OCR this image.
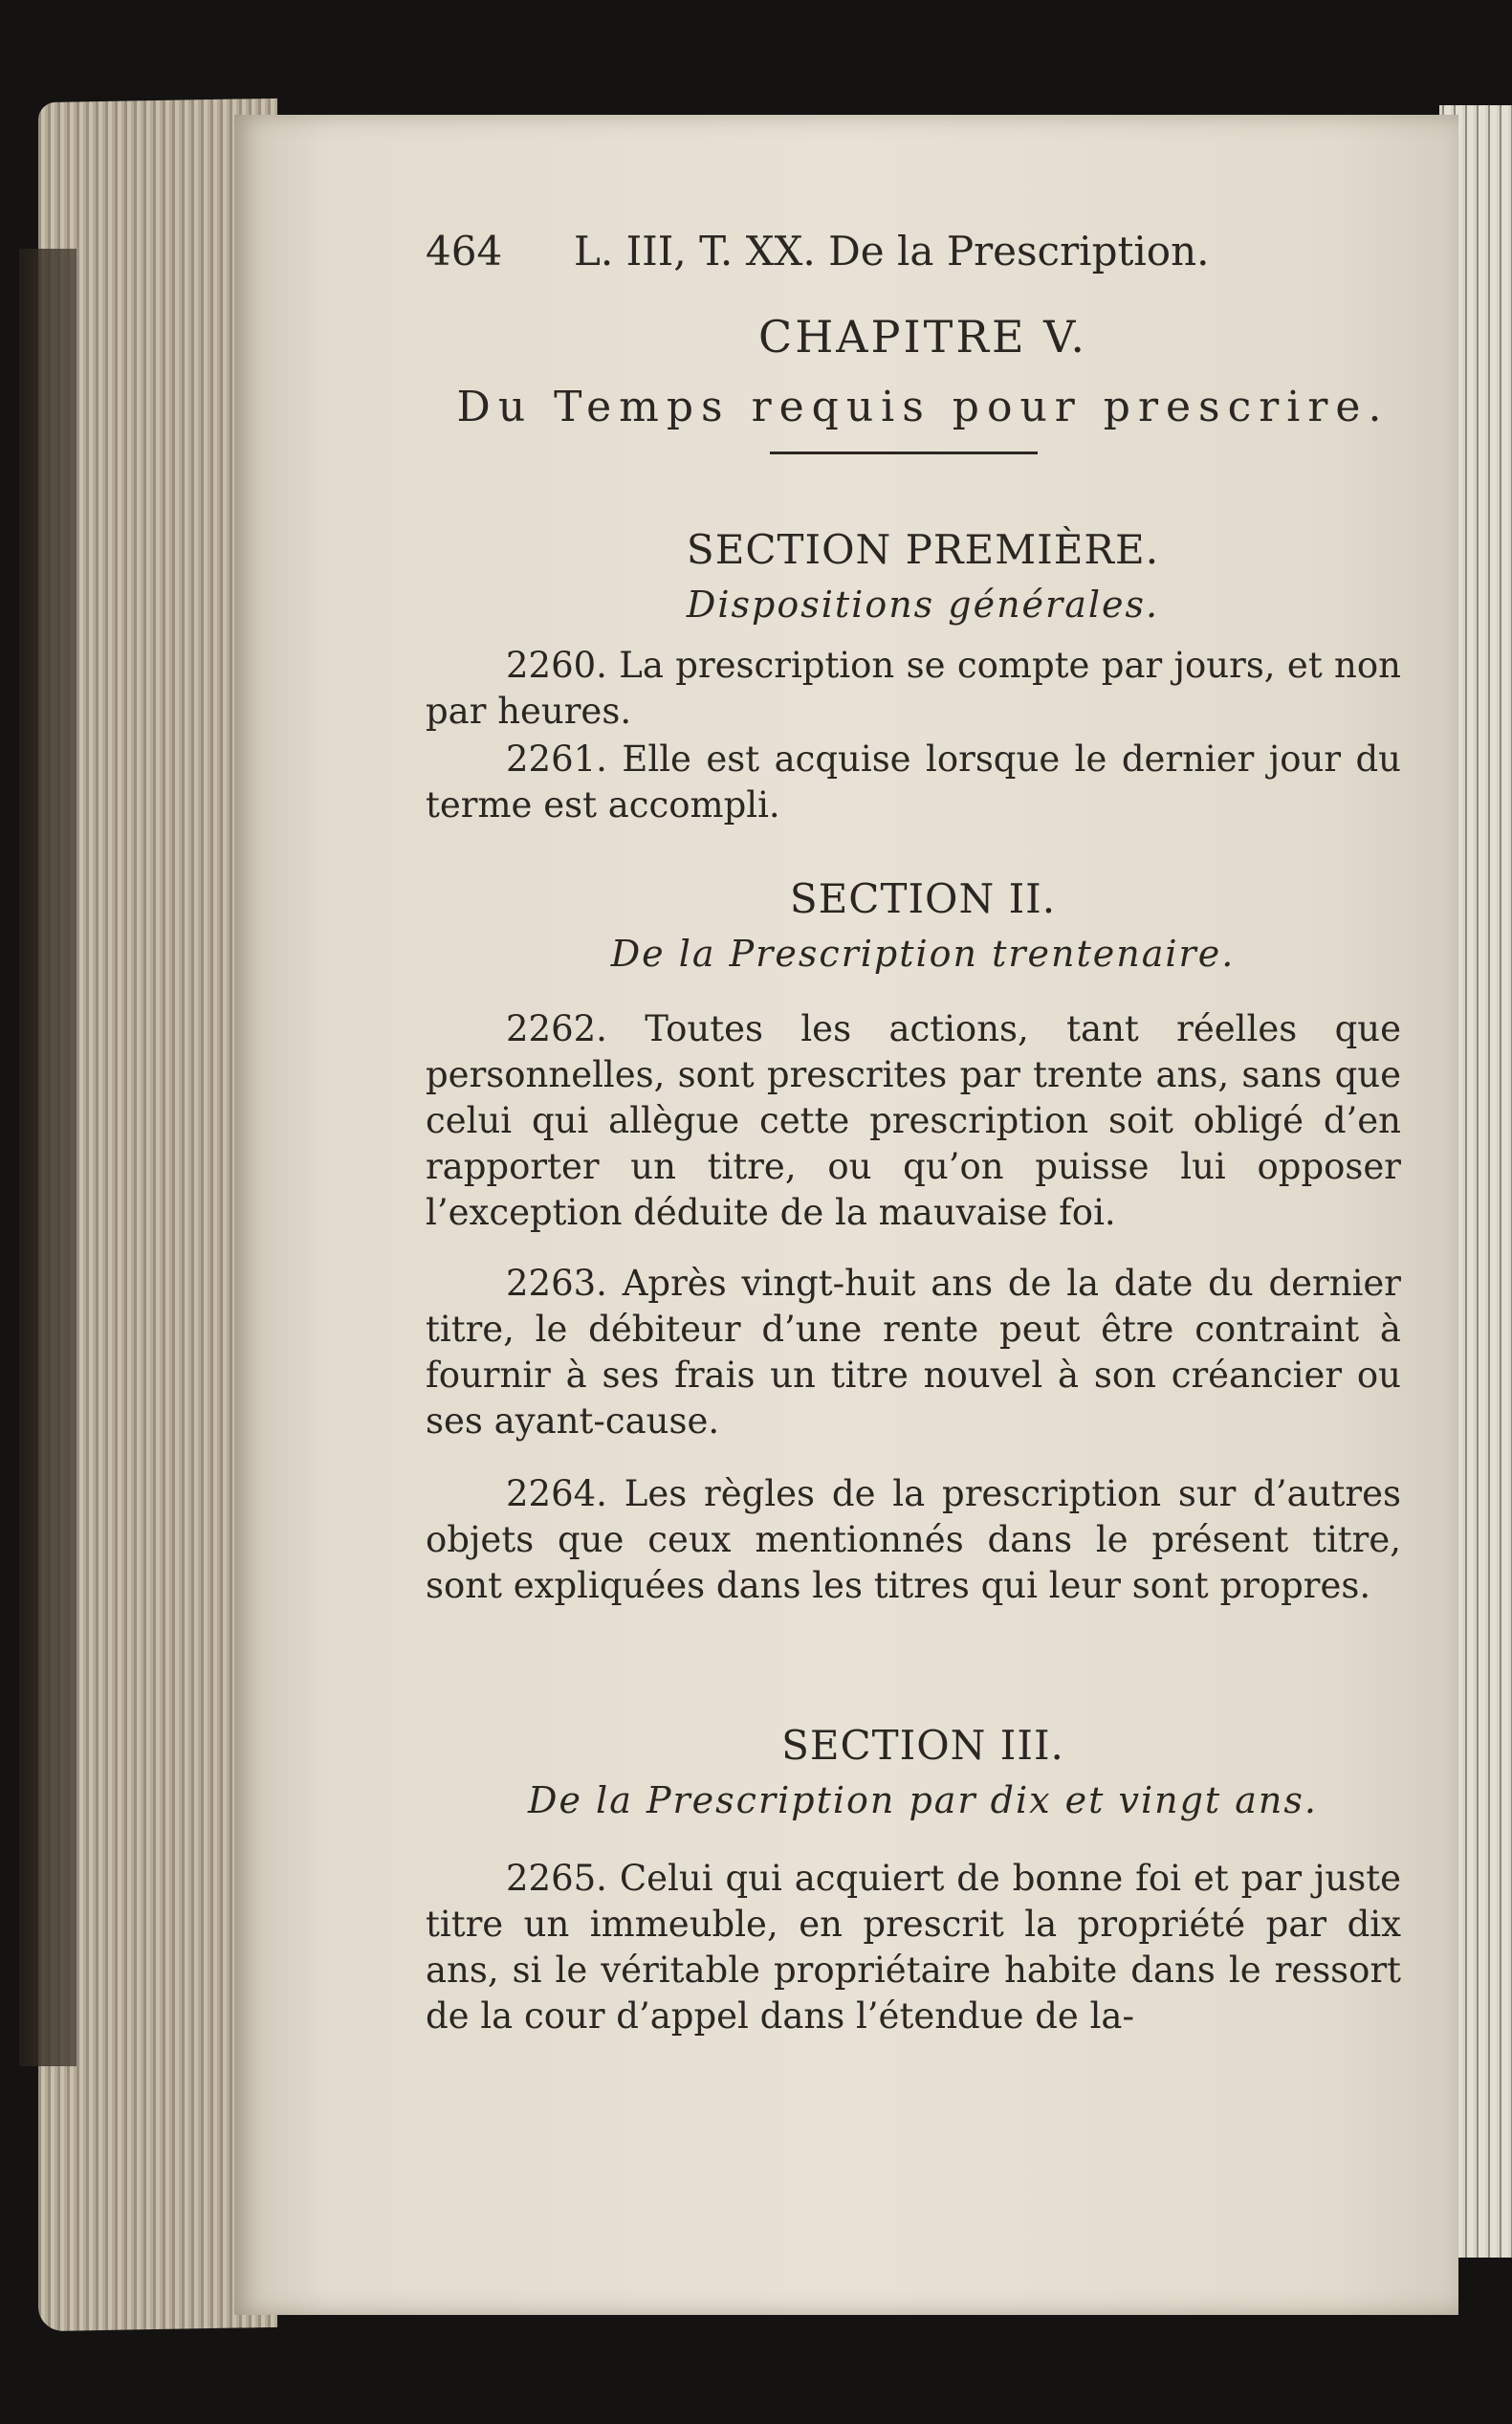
464 L. III, T. XX. De la Prescription.
CHAPITRE V.
Du Temps requis pour prescrire.
SECTION PREMIÈRE.
Dispositions générales.

2260. La prescription se compte par jours, et non par heures.

2261. Elle est acquise lorsque le dernier jour du terme est accompli.

SECTION II.
De la Prescription trentenaire.

2262. Toutes les actions, tant réelles que personnelles, sont prescrites par trente ans, sans que celui qui allègue cette prescription soit obligé d’en rapporter un titre, ou qu’on puisse lui opposer l’exception déduite de la mauvaise foi.

2263. Après vingt-huit ans de la date du dernier titre, le débiteur d’une rente peut être contraint à fournir à ses frais un titre nouvel à son créancier ou ses ayant-cause.

2264. Les règles de la prescription sur d’autres objets que ceux mentionnés dans le présent titre, sont expliquées dans les titres qui leur sont propres.

SECTION III.
De la Prescription par dix et vingt ans.

2265. Celui qui acquiert de bonne foi et par juste titre un immeuble, en prescrit la propriété par dix ans, si le véritable propriétaire habite dans le ressort de la cour d’appel dans l’étendue de la-
